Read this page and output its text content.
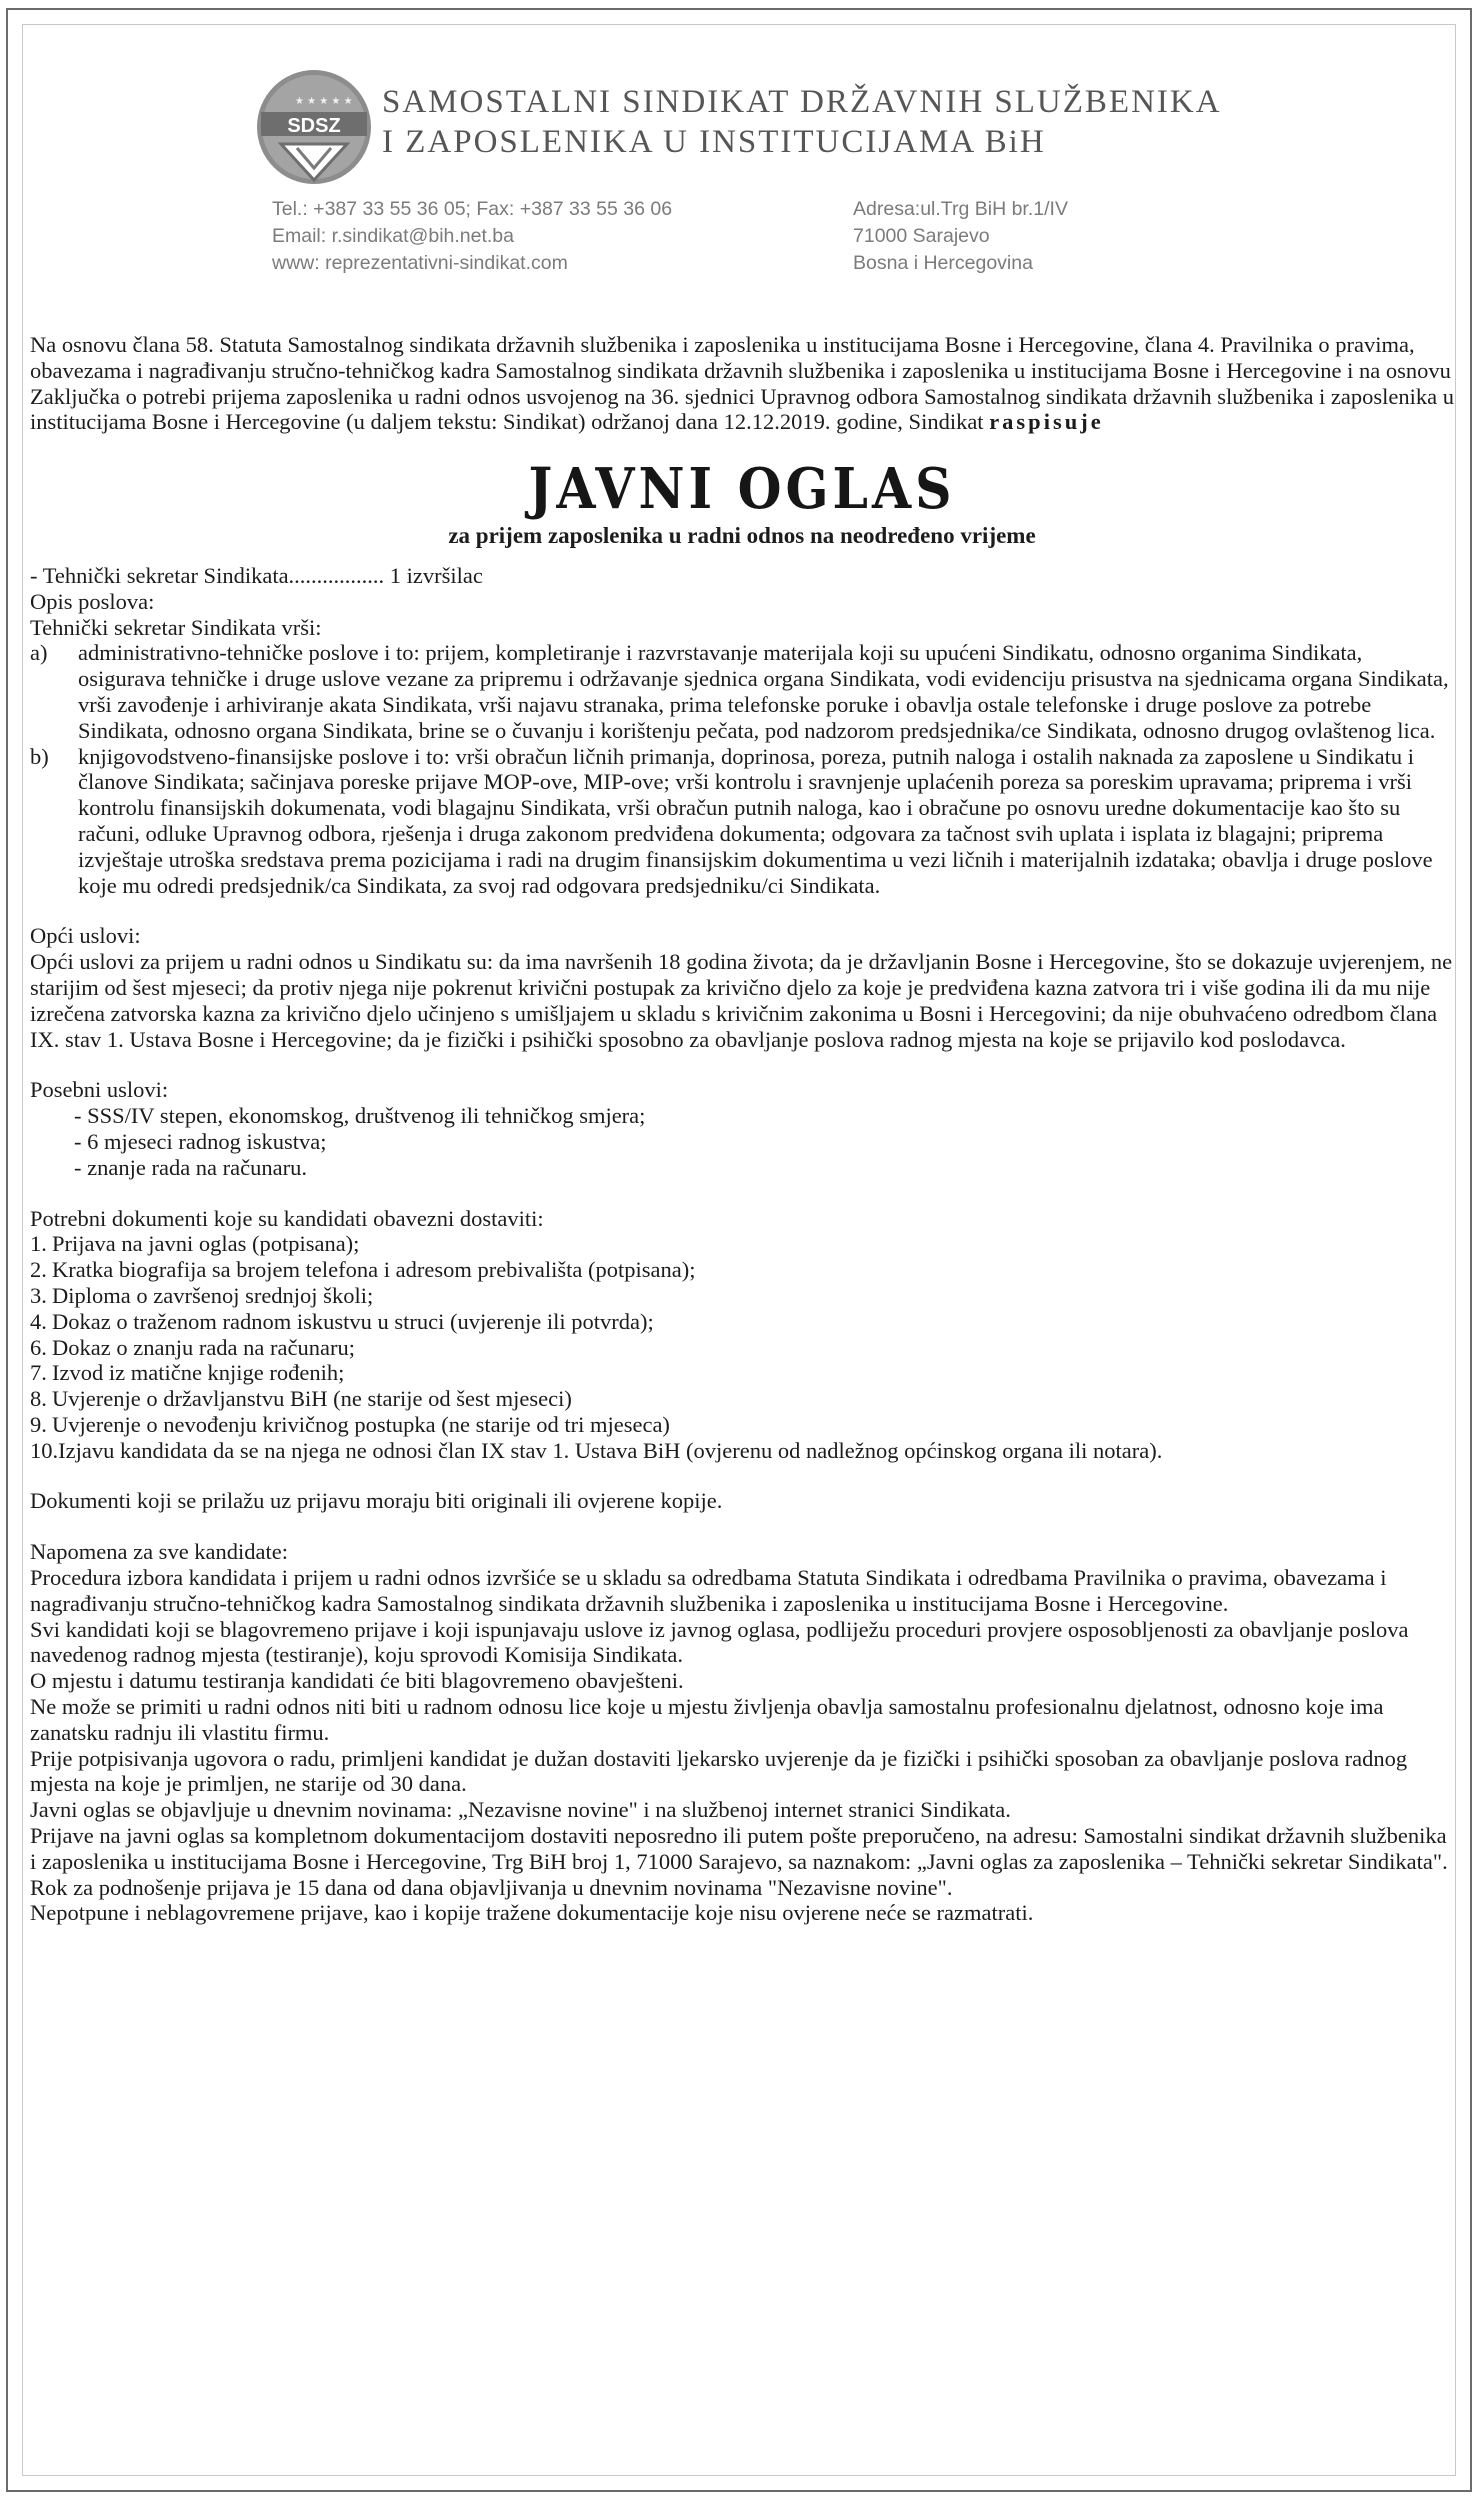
★ ★ ★ ★ ★
SDSZ
SAMOSTALNI SINDIKAT DRŽAVNIH SLUŽBENIKA
I ZAPOSLENIKA U INSTITUCIJAMA BiH
Tel.: +387 33 55 36 05; Fax: +387 33 55 36 06
Email: r.sindikat@bih.net.ba
www: reprezentativni-sindikat.com
Adresa:ul.Trg BiH br.1/IV
71000 Sarajevo
Bosna i Hercegovina

Na osnovu člana 58. Statuta Samostalnog sindikata državnih službenika i zaposlenika u institucijama Bosne i Hercegovine, člana 4. Pravilnika o pravima, obavezama i nagrađivanju stručno-tehničkog kadra Samostalnog sindikata državnih službenika i zaposlenika u institucijama Bosne i Hercegovine i na osnovu Zaključka o potrebi prijema zaposlenika u radni odnos usvojenog na 36. sjednici Upravnog odbora Samostalnog sindikata državnih službenika i zaposlenika u institucijama Bosne i Hercegovine (u daljem tekstu: Sindikat) održanoj dana 12.12.2019. godine, Sindikat raspisuje

JAVNI OGLAS
za prijem zaposlenika u radni odnos na neodređeno vrijeme

- Tehnički sekretar Sindikata................. 1 izvršilac

Opis poslova:

Tehnički sekretar Sindikata vrši:

a)	administrativno-tehničke poslove i to: prijem, kompletiranje i razvrstavanje materijala koji su upućeni Sindikatu, odnosno organima Sindikata, osigurava tehničke i druge uslove vezane za pripremu i održavanje sjednica organa Sindikata, vodi evidenciju prisustva na sjednicama organa Sindikata, vrši zavođenje i arhiviranje akata Sindikata, vrši najavu stranaka, prima telefonske poruke i obavlja ostale telefonske i druge poslove za potrebe Sindikata, odnosno organa Sindikata, brine se o čuvanju i korištenju pečata, pod nadzorom predsjednika/ce Sindikata, odnosno drugog ovlaštenog lica.
b)	knjigovodstveno-finansijske poslove i to: vrši obračun ličnih primanja, doprinosa, poreza, putnih naloga i ostalih naknada za zaposlene u Sindikatu i članove Sindikata; sačinjava poreske prijave MOP-ove, MIP-ove; vrši kontrolu i sravnjenje uplaćenih poreza sa poreskim upravama; priprema i vrši kontrolu finansijskih dokumenata, vodi blagajnu Sindikata, vrši obračun putnih naloga, kao i obračune po osnovu uredne dokumentacije kao što su računi, odluke Upravnog odbora, rješenja i druga zakonom predviđena dokumenta; odgovara za tačnost svih uplata i isplata iz blagajni; priprema izvještaje utroška sredstava prema pozicijama i radi na drugim finansijskim dokumentima u vezi ličnih i materijalnih izdataka; obavlja i druge poslove koje mu odredi predsjednik/ca Sindikata, za svoj rad odgovara predsjedniku/ci Sindikata.

Opći uslovi:

Opći uslovi za prijem u radni odnos u Sindikatu su: da ima navršenih 18 godina života; da je državljanin Bosne i Hercegovine, što se dokazuje uvjerenjem, ne starijim od šest mjeseci; da protiv njega nije pokrenut krivični postupak za krivično djelo za koje je predviđena kazna zatvora tri i više godina ili da mu nije izrečena zatvorska kazna za krivično djelo učinjeno s umišljajem u skladu s krivičnim zakonima u Bosni i Hercegovini; da nije obuhvaćeno odredbom člana IX. stav 1. Ustava Bosne i Hercegovine; da je fizički i psihički sposobno za obavljanje poslova radnog mjesta na koje se prijavilo kod poslodavca.

Posebni uslovi:

- SSS/IV stepen, ekonomskog, društvenog ili tehničkog smjera;
- 6 mjeseci radnog iskustva;
- znanje rada na računaru.

Potrebni dokumenti koje su kandidati obavezni dostaviti:

1. Prijava na javni oglas (potpisana);
2. Kratka biografija sa brojem telefona i adresom prebivališta (potpisana);
3. Diploma o završenoj srednjoj školi;
4. Dokaz o traženom radnom iskustvu u struci (uvjerenje ili potvrda);
6. Dokaz o znanju rada na računaru;
7. Izvod iz matične knjige rođenih;
8. Uvjerenje o državljanstvu BiH (ne starije od šest mjeseci)
9. Uvjerenje o nevođenju krivičnog postupka (ne starije od tri mjeseca)
10.Izjavu kandidata da se na njega ne odnosi član IX stav 1. Ustava BiH (ovjerenu od nadležnog općinskog organa ili notara).

Dokumenti koji se prilažu uz prijavu moraju biti originali ili ovjerene kopije.

Napomena za sve kandidate:

Procedura izbora kandidata i prijem u radni odnos izvršiće se u skladu sa odredbama Statuta Sindikata i odredbama Pravilnika o pravima, obavezama i nagrađivanju stručno-tehničkog kadra Samostalnog sindikata državnih službenika i zaposlenika u institucijama Bosne i Hercegovine.

Svi kandidati koji se blagovremeno prijave i koji ispunjavaju uslove iz javnog oglasa, podliježu proceduri provjere osposobljenosti za obavljanje poslova navedenog radnog mjesta (testiranje), koju sprovodi Komisija Sindikata.

O mjestu i datumu testiranja kandidati će biti blagovremeno obavješteni.

Ne može se primiti u radni odnos niti biti u radnom odnosu lice koje u mjestu življenja obavlja samostalnu profesionalnu djelatnost, odnosno koje ima zanatsku radnju ili vlastitu firmu.

Prije potpisivanja ugovora o radu, primljeni kandidat je dužan dostaviti ljekarsko uvjerenje da je fizički i psihički sposoban za obavljanje poslova radnog mjesta na koje je primljen, ne starije od 30 dana.

Javni oglas se objavljuje u dnevnim novinama: „Nezavisne novine" i na službenoj internet stranici Sindikata.

Prijave na javni oglas sa kompletnom dokumentacijom dostaviti neposredno ili putem pošte preporučeno, na adresu: Samostalni sindikat državnih službenika i zaposlenika u institucijama Bosne i Hercegovine, Trg BiH broj 1, 71000 Sarajevo, sa naznakom: „Javni oglas za zaposlenika – Tehnički sekretar Sindikata".

Rok za podnošenje prijava je 15 dana od dana objavljivanja u dnevnim novinama "Nezavisne novine".

Nepotpune i neblagovremene prijave, kao i kopije tražene dokumentacije koje nisu ovjerene neće se razmatrati.
